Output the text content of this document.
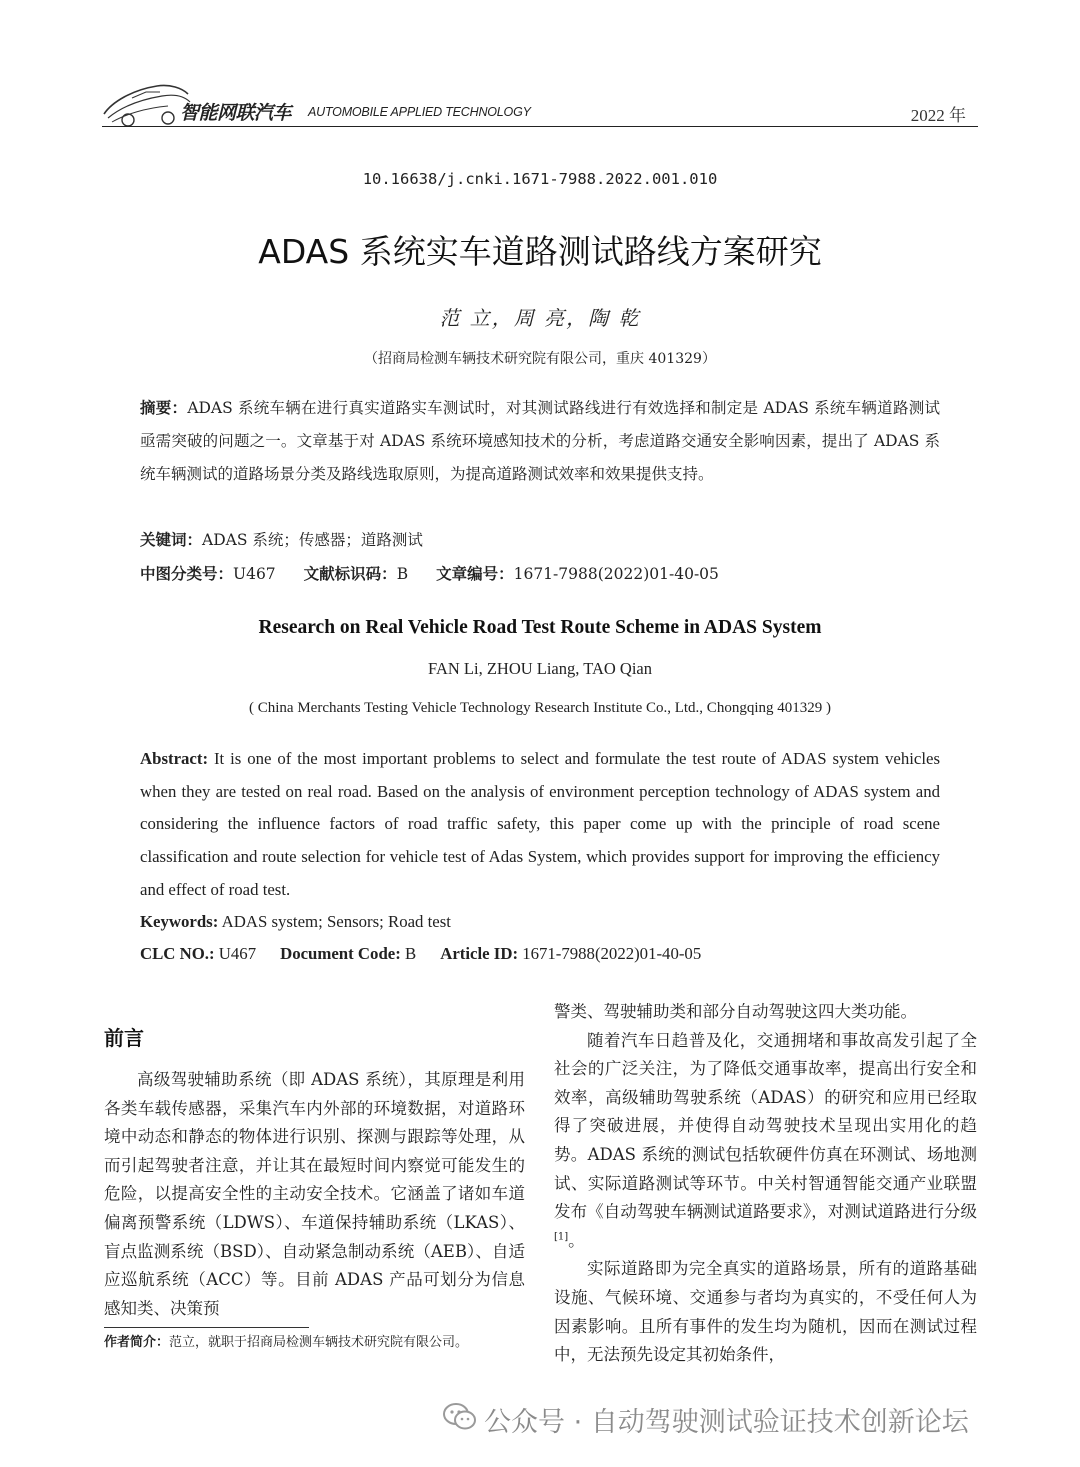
智能网联汽车 AUTOMOBILE APPLIED TECHNOLOGY	2022 年
10.16638/j.cnki.1671-7988.2022.001.010
ADAS 系统实车道路测试路线方案研究
范 立，周 亮，陶 乾
（招商局检测车辆技术研究院有限公司，重庆 401329）
摘要：ADAS 系统车辆在进行真实道路实车测试时，对其测试路线进行有效选择和制定是 ADAS 系统车辆道路测试亟需突破的问题之一。文章基于对 ADAS 系统环境感知技术的分析，考虑道路交通安全影响因素，提出了 ADAS 系统车辆测试的道路场景分类及路线选取原则，为提高道路测试效率和效果提供支持。
关键词：ADAS 系统；传感器；道路测试
中图分类号：U467 文献标识码：B 文章编号：1671-7988(2022)01-40-05
Research on Real Vehicle Road Test Route Scheme in ADAS System
FAN Li, ZHOU Liang, TAO Qian
( China Merchants Testing Vehicle Technology Research Institute Co., Ltd., Chongqing 401329 )
Abstract: It is one of the most important problems to select and formulate the test route of ADAS system vehicles when they are tested on real road. Based on the analysis of environment perception technology of ADAS system and considering the influence factors of road traffic safety, this paper come up with the principle of road scene classification and route selection for vehicle test of Adas System, which provides support for improving the efficiency and effect of road test.
Keywords: ADAS system; Sensors; Road test
CLC NO.: U467 Document Code: B Article ID: 1671-7988(2022)01-40-05
前言

高级驾驶辅助系统（即 ADAS 系统），其原理是利用各类车载传感器，采集汽车内外部的环境数据，对道路环境中动态和静态的物体进行识别、探测与跟踪等处理，从而引起驾驶者注意，并让其在最短时间内察觉可能发生的危险，以提高安全性的主动安全技术。它涵盖了诸如车道偏离预警系统（LDWS）、车道保持辅助系统（LKAS）、盲点监测系统（BSD）、自动紧急制动系统（AEB）、自适应巡航系统（ACC）等。目前 ADAS 产品可划分为信息感知类、决策预

警类、驾驶辅助类和部分自动驾驶这四大类功能。

随着汽车日趋普及化，交通拥堵和事故高发引起了全社会的广泛关注，为了降低交通事故率，提高出行安全和效率，高级辅助驾驶系统（ADAS）的研究和应用已经取得了突破进展，并使得自动驾驶技术呈现出实用化的趋势。ADAS 系统的测试包括软硬件仿真在环测试、场地测试、实际道路测试等环节。中关村智通智能交通产业联盟发布《自动驾驶车辆测试道路要求》，对测试道路进行分级[1]。

实际道路即为完全真实的道路场景，所有的道路基础设施、气候环境、交通参与者均为真实的，不受任何人为因素影响。且所有事件的发生均为随机，因而在测试过程中，无法预先设定其初始条件，

作者简介：范立，就职于招商局检测车辆技术研究院有限公司。
公众号 · 自动驾驶测试验证技术创新论坛
